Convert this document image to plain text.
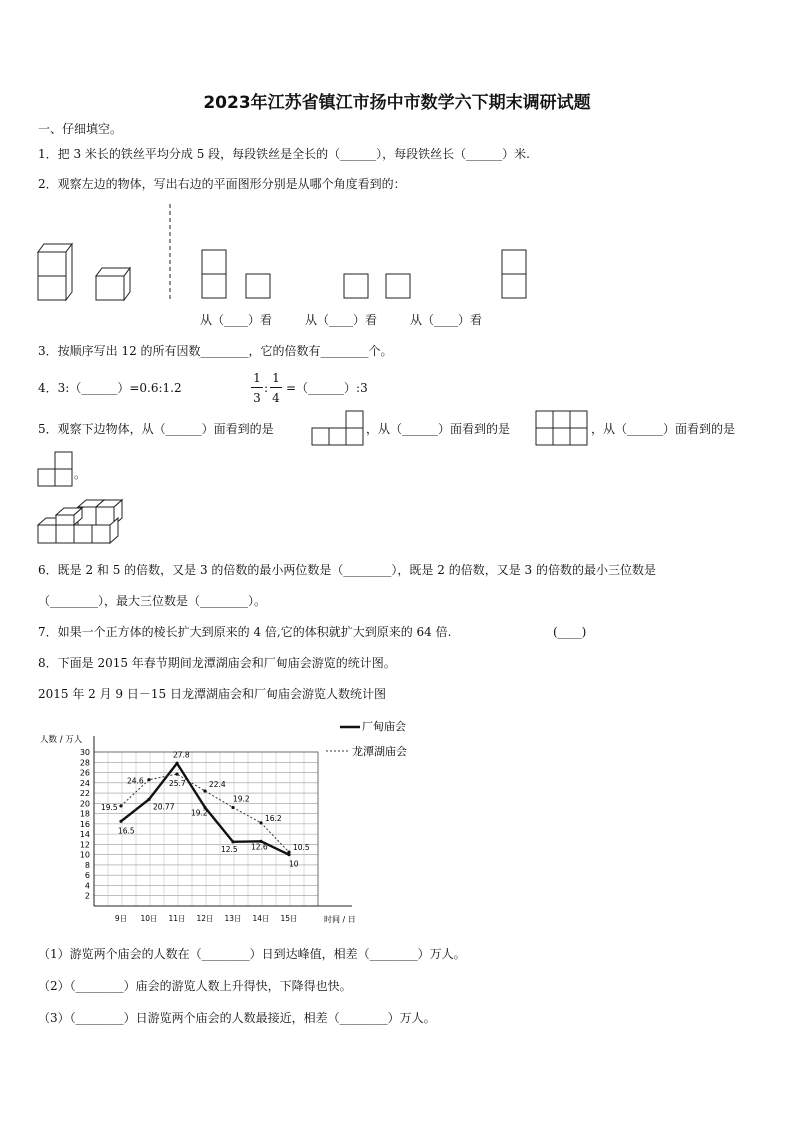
2023年江苏省镇江市扬中市数学六下期末调研试题
一、仔细填空。
1．把 3 米长的铁丝平均分成 5 段，每段铁丝是全长的（______），每段铁丝长（______）米.
2．观察左边的物体，写出右边的平面图形分别是从哪个角度看到的：
从（____）看	从（____）看	从（____）看
3．按顺序写出 12 的所有因数________，它的倍数有________个。
4．3:（______）=0.6:1.2
1
3
:
1
4
=（______）:3
5．观察下边物体，从（______）面看到的是	，从（______）面看到的是	，从（______）面看到的是
。
6．既是 2 和 5 的倍数，又是 3 的倍数的最小两位数是（________），既是 2 的倍数，又是 3 的倍数的最小三位数是
（________），最大三位数是（________）。
7．如果一个正方体的棱长扩大到原来的 4 倍,它的体积就扩大到原来的 64 倍.	(____)
8．下面是 2015 年春节期间龙潭湖庙会和厂甸庙会游览的统计图。
2015 年 2 月 9 日－15 日龙潭湖庙会和厂甸庙会游览人数统计图
2
4
6
8
10
12
14
16
18
20
22
24
26
28
30
9日 10日 11日 12日 13日 14日 15日
人数 / 万人
时间 / 日
16.5
20.77
27.8
19.2
12.5 12.6
10
19.5
24.6	25.7	22.4
19.2
16.2
10.5
厂甸庙会
龙潭湖庙会
（1）游览两个庙会的人数在（________）日到达峰值，相差（________）万人。
（2）（________）庙会的游览人数上升得快，下降得也快。
（3）（________）日游览两个庙会的人数最接近，相差（________）万人。
